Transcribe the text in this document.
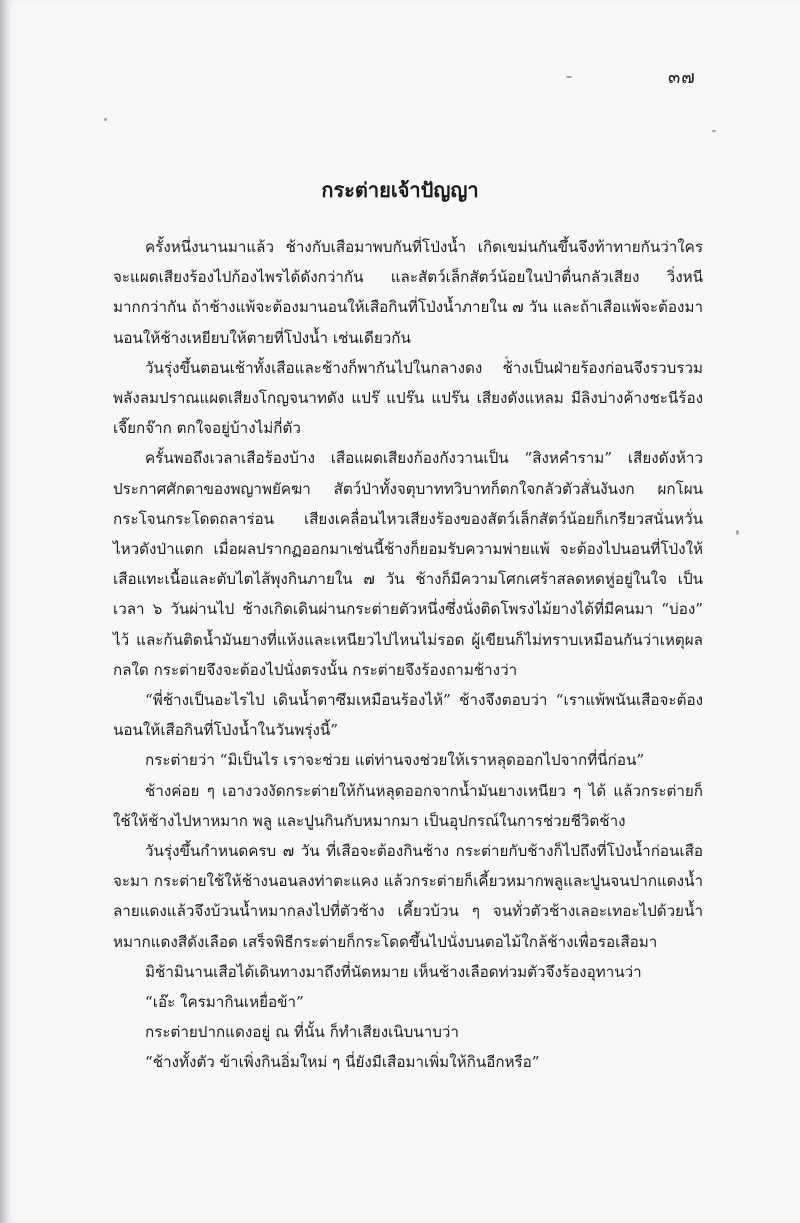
๓๗
กระต่ายเจ้าปัญญา

ครั้งหนึ่งนานมาแล้ว ช้างกับเสือมาพบกันที่โป่งน้ำ เกิดเขม่นกันขึ้นจึงท้าทายกันว่าใครจะแผดเสียงร้องไปก้องไพรได้ดังกว่ากัน และสัตว์เล็กสัตว์น้อยในป่าตื่นกลัวเสียง วิ่งหนีมากกว่ากัน ถ้าช้างแพ้จะต้องมานอนให้เสือกินที่โป่งน้ำภายใน ๗ วัน และถ้าเสือแพ้จะต้องมานอนให้ช้างเหยียบให้ตายที่โป่งน้ำ เช่นเดียวกัน

วันรุ่งขึ้นตอนเช้าทั้งเสือและช้างก็พากันไปในกลางดง ช้างเป็นฝ่ายร้องก่อนจึงรวบรวมพลังลมปราณแผดเสียงโกญจนาทดัง แปร๊ แปร๊น แปร๊น เสียงดังแหลม มีลิงบ่างค้างชะนีร้องเจี๊ยกจ๊าก ตกใจอยู่บ้างไม่กี่ตัว

ครั้นพอถึงเวลาเสือร้องบ้าง เสือแผดเสียงก้องกังวานเป็น “สิงหคำราม” เสียงดังห้าวประกาศศักดาของพญาพยัคฆา สัตว์ป่าทั้งจตุบาททวิบาทก็ตกใจกลัวตัวสั่นงันงก ผกโผนกระโจนกระโดดถลาร่อน เสียงเคลื่อนไหวเสียงร้องของสัตว์เล็กสัตว์น้อยก็เกรียวสนั่นหวั่นไหวดังป่าแตก เมื่อผลปรากฏออกมาเช่นนี้ช้างก็ยอมรับความพ่ายแพ้ จะต้องไปนอนที่โป่งให้เสือแทะเนื้อและตับไตไส้พุงกินภายใน ๗ วัน ช้างก็มีความโศกเศร้าสลดหดหู่อยู่ในใจ เป็นเวลา ๖ วันผ่านไป ช้างเกิดเดินผ่านกระต่ายตัวหนึ่งซึ่งนั่งติดโพรงไม้ยางได้ที่มีคนมา “บ่อง” ไว้ และก้นติดน้ำมันยางที่แห้งและเหนียวไปไหนไม่รอด ผู้เขียนก็ไม่ทราบเหมือนกันว่าเหตุผลกลใด กระต่ายจึงจะต้องไปนั่งตรงนั้น กระต่ายจึงร้องถามช้างว่า

“พี่ช้างเป็นอะไรไป เดินน้ำตาซึมเหมือนร้องไห้” ช้างจึงตอบว่า “เราแพ้พนันเสือจะต้องนอนให้เสือกินที่โป่งน้ำในวันพรุ่งนี้”

กระต่ายว่า “มิเป็นไร เราจะช่วย แต่ท่านจงช่วยให้เราหลุดออกไปจากที่นี่ก่อน”

ช้างค่อย ๆ เอางวงงัดกระต่ายให้ก้นหลุดออกจากน้ำมันยางเหนียว ๆ ได้ แล้วกระต่ายก็ใช้ให้ช้างไปหาหมาก พลู และปูนกินกับหมากมา เป็นอุปกรณ์ในการช่วยชีวิตช้าง

วันรุ่งขึ้นกำหนดครบ ๗ วัน ที่เสือจะต้องกินช้าง กระต่ายกับช้างก็ไปถึงที่โป่งน้ำก่อนเสือจะมา กระต่ายใช้ให้ช้างนอนลงท่าตะแคง แล้วกระต่ายก็เคี้ยวหมากพลูและปูนจนปากแดงน้ำลายแดงแล้วจึงบ้วนน้ำหมากลงไปที่ตัวช้าง เคี้ยวบ้วน ๆ จนทั่วตัวช้างเลอะเทอะไปด้วยน้ำหมากแดงสีดังเลือด เสร็จพิธีกระต่ายก็กระโดดขึ้นไปนั่งบนตอไม้ใกล้ช้างเพื่อรอเสือมา

มิช้ามินานเสือได้เดินทางมาถึงที่นัดหมาย เห็นช้างเลือดท่วมตัวจึงร้องอุทานว่า

“เอ๊ะ ใครมากินเหยื่อข้า”

กระต่ายปากแดงอยู่ ณ ที่นั้น ก็ทำเสียงเนิบนาบว่า

“ช้างทั้งตัว ข้าเพิ่งกินอิ่มใหม่ ๆ นี่ยังมีเสือมาเพิ่มให้กินอีกหรือ”
